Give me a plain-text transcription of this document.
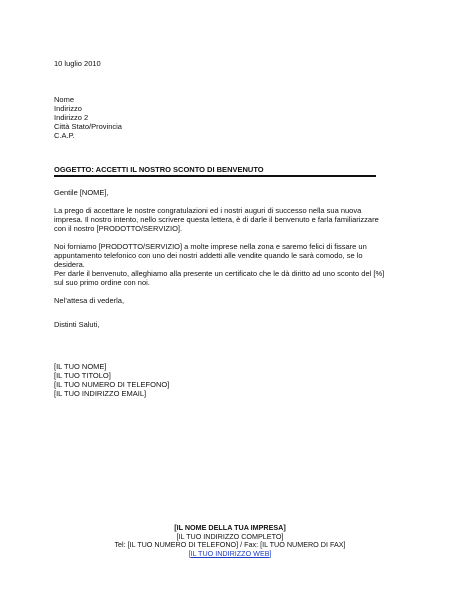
10 luglio 2010
Nome
Indirizzo
Indirizzo 2
Città Stato/Provincia
C.A.P.
OGGETTO: ACCETTI IL NOSTRO SCONTO DI BENVENUTO
Gentile [NOME],
La prego di accettare le nostre congratulazioni ed i nostri auguri di successo nella sua nuova impresa. Il nostro intento, nello scrivere questa lettera, è di darle il benvenuto e farla familiarizzare con il nostro [PRODOTTO/SERVIZIO].
Noi forniamo [PRODOTTO/SERVIZIO] a molte imprese nella zona e saremo felici di fissare un appuntamento telefonico con uno dei nostri addetti alle vendite quando le sarà comodo, se lo desidera.
Per darle il benvenuto, alleghiamo alla presente un certificato che le dà diritto ad uno sconto del [%] sul suo primo ordine con noi.
Nel’attesa di vederla,
Distinti Saluti,
[IL TUO NOME]
[IL TUO TITOLO]
[IL TUO NUMERO DI TELEFONO]
[IL TUO INDIRIZZO EMAIL]
[IL NOME DELLA TUA IMPRESA]
[IL TUO INDIRIZZO COMPLETO]
Tel: [IL TUO NUMERO DI TELEFONO] / Fax: [IL TUO NUMERO DI FAX]
[IL TUO INDIRIZZO WEB]
